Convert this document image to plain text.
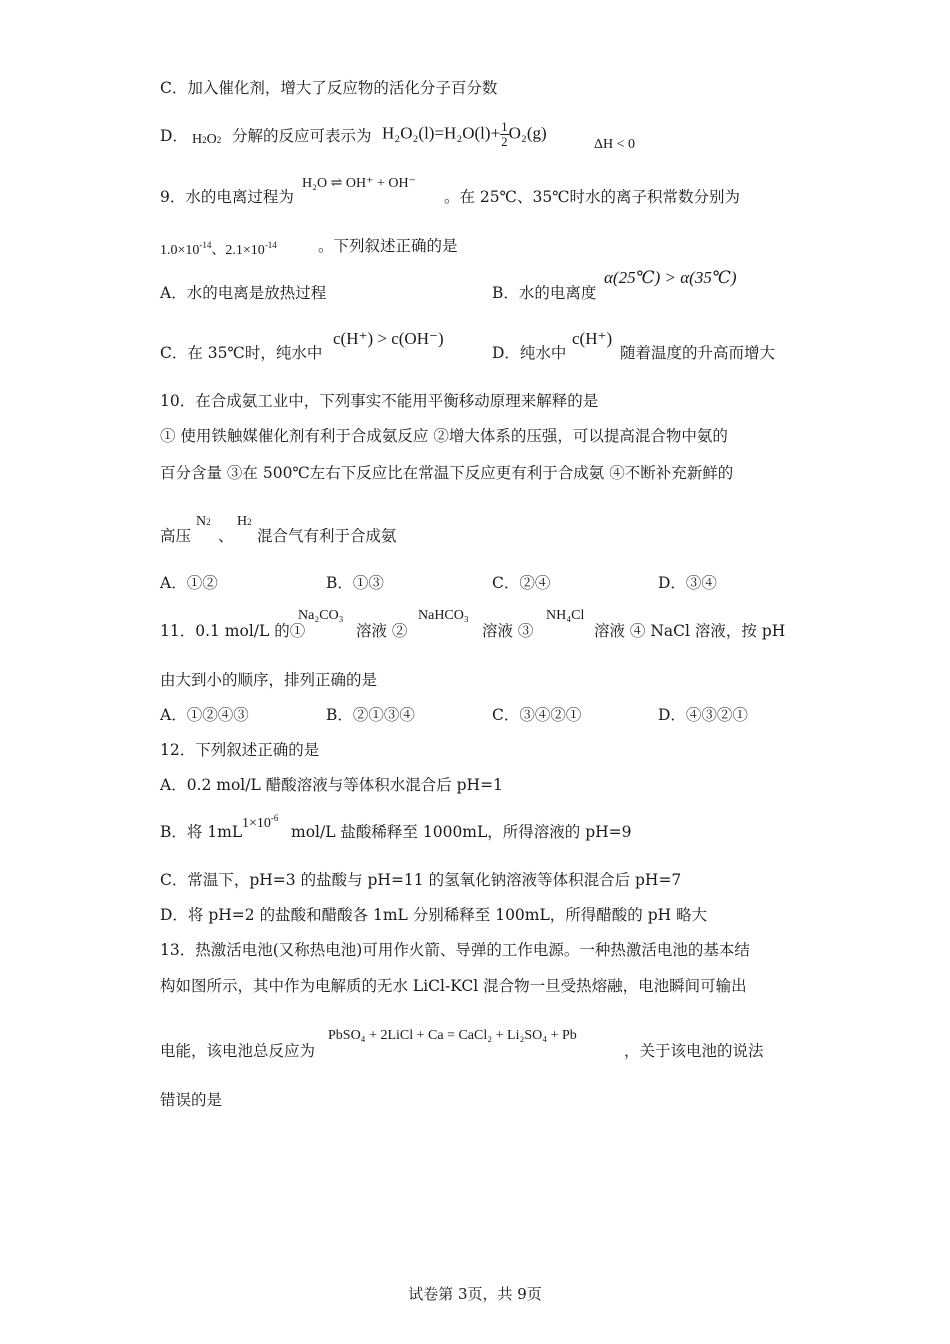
C．加入催化剂，增大了反应物的活化分子百分数
D． H2O2 分解的反应可表示为 $H_2O_2(l)=H_2O(l)+ \frac{1}{2} O_2(g)$
ΔH < 0
9．水的电离过程为
H₂O ⇌ OH⁺ + OH⁻
。在 25℃、35℃时水的离子积常数分别为
$1.0\times 10^{-14}$、$2.1\times 10^{-14}$	。下列叙述正确的是
A．水的电离是放热过程	B．水的电离度
α(25℃) > α(35℃)
C．在 35℃时，纯水中
c(H⁺) > c(OH⁻)
D．纯水中
c(H⁺)
随着温度的升高而增大
10．在合成氨工业中，下列事实不能用平衡移动原理来解释的是
① 使用铁触媒催化剂有利于合成氨反应 ②增大体系的压强，可以提高混合物中氨的
百分含量 ③在 500℃左右下反应比在常温下反应更有利于合成氨 ④不断补充新鲜的
高压
N2
、
H2
混合气有利于合成氨
A．①②	B．①③	C．②④	D．③④
11．0.1 mol/L 的①
Na₂CO₃
溶液 ②
NaHCO₃
溶液 ③
NH₄Cl
溶液 ④ NaCl 溶液，按 pH
由大到小的顺序，排列正确的是
A．①②④③	B．②①③④	C．③④②①	D．④③②①
12．下列叙述正确的是
A．0.2 mol/L 醋酸溶液与等体积水混合后 pH=1
B．将 1mL $1\times 10^{-6}$
mol/L 盐酸稀释至 1000mL，所得溶液的 pH=9
C．常温下，pH=3 的盐酸与 pH=11 的氢氧化钠溶液等体积混合后 pH=7
D．将 pH=2 的盐酸和醋酸各 1mL 分别稀释至 100mL，所得醋酸的 pH 略大
13．热激活电池(又称热电池)可用作火箭、导弹的工作电源。一种热激活电池的基本结
构如图所示，其中作为电解质的无水 LiCl-KCl 混合物一旦受热熔融，电池瞬间可输出
电能，该电池总反应为
PbSO₄ + 2LiCl + Ca = CaCl₂ + Li₂SO₄ + Pb
，关于该电池的说法
错误的是
试卷第 3页，共 9页
